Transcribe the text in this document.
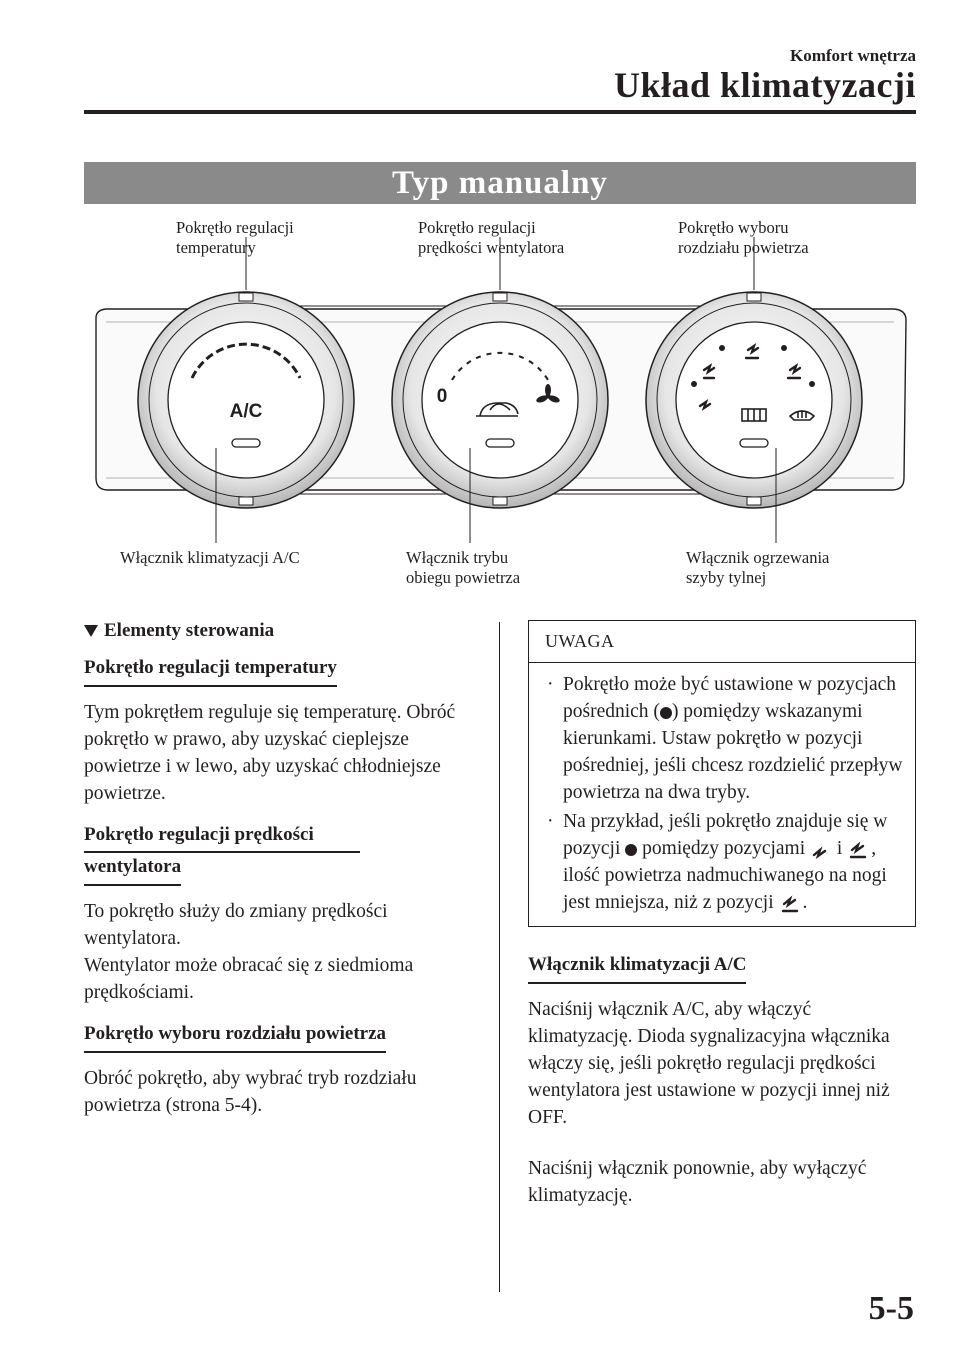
Komfort wnętrza
Układ klimatyzacji
Typ manualny
A/C
0
Pokrętło regulacji
temperatury
Pokrętło regulacji
prędkości wentylatora
Pokrętło wyboru
rozdziału powietrza
Włącznik klimatyzacji A/C	Włącznik trybu
obiegu powietrza
Włącznik ogrzewania
szyby tylnej
Elementy sterowania
Pokrętło regulacji temperatury

Tym pokrętłem reguluje się temperaturę. Obróć pokrętło w prawo, aby uzyskać cieplejsze powietrze i w lewo, aby uzyskać chłodniejsze powietrze.

Pokrętło regulacji prędkości
wentylatora

To pokrętło służy do zmiany prędkości wentylatora.

Wentylator może obracać się z siedmioma prędkościami.

Pokrętło wyboru rozdziału powietrza

Obróć pokrętło, aby wybrać tryb rozdziału powietrza (strona 5-4).

UWAGA
· Pokrętło może być ustawione w pozycjach pośrednich ( ) pomiędzy wskazanymi kierunkami. Ustaw pokrętło w pozycji pośredniej, jeśli chcesz rozdzielić przepływ powietrza na dwa tryby.
· Na przykład, jeśli pokrętło znajduje się w pozycji  pomiędzy pozycjami  i , ilość powietrza nadmuchiwanego na nogi jest mniejsza, niż z pozycji .
Włącznik klimatyzacji A/C

Naciśnij włącznik A/C, aby włączyć klimatyzację. Dioda sygnalizacyjna włącznika włączy się, jeśli pokrętło regulacji prędkości wentylatora jest ustawione w pozycji innej niż OFF.

Naciśnij włącznik ponownie, aby wyłączyć klimatyzację.

5-5
